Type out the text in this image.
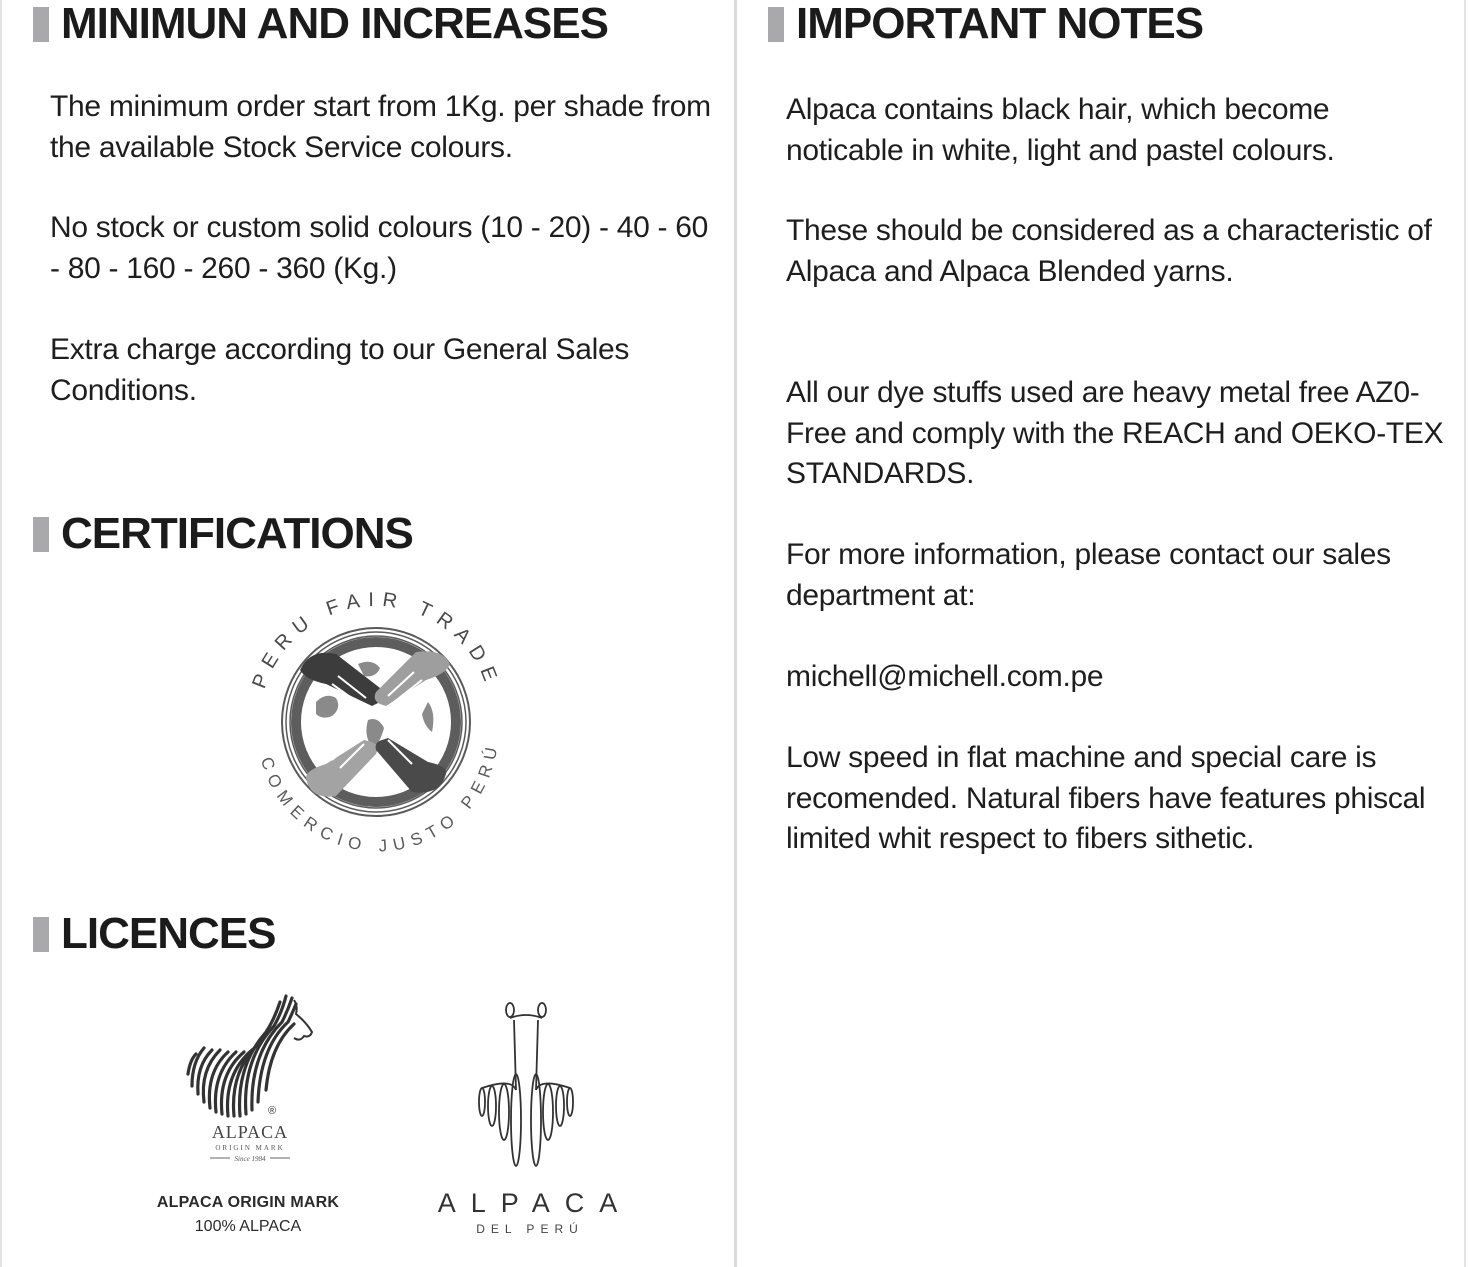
MINIMUN AND INCREASES

The minimum order start from 1Kg. per shade from the available Stock Service colours.

No stock or custom solid colours (10 - 20) - 40 - 60 - 80 - 160 - 260 - 360 (Kg.)

Extra charge according to our General Sales Conditions.

CERTIFICATIONS
PERU FAIR TRADE
COMERCIO JUSTO PERÚ
LICENCES
®
ALPACA
ORIGIN MARK
Since 1984
ALPACA ORIGIN MARK
100% ALPACA
ALPACA
DEL PERÚ
IMPORTANT NOTES

Alpaca contains black hair, which become noticable in white, light and pastel colours.

These should be considered as a characteristic of Alpaca and Alpaca Blended yarns.

All our dye stuffs used are heavy metal free AZ0-Free and comply with the REACH and OEKO-TEX STANDARDS.

For more information, please contact our sales department at:

michell@michell.com.pe

Low speed in flat machine and special care is recomended. Natural fibers have features phiscal limited whit respect to fibers sithetic.
